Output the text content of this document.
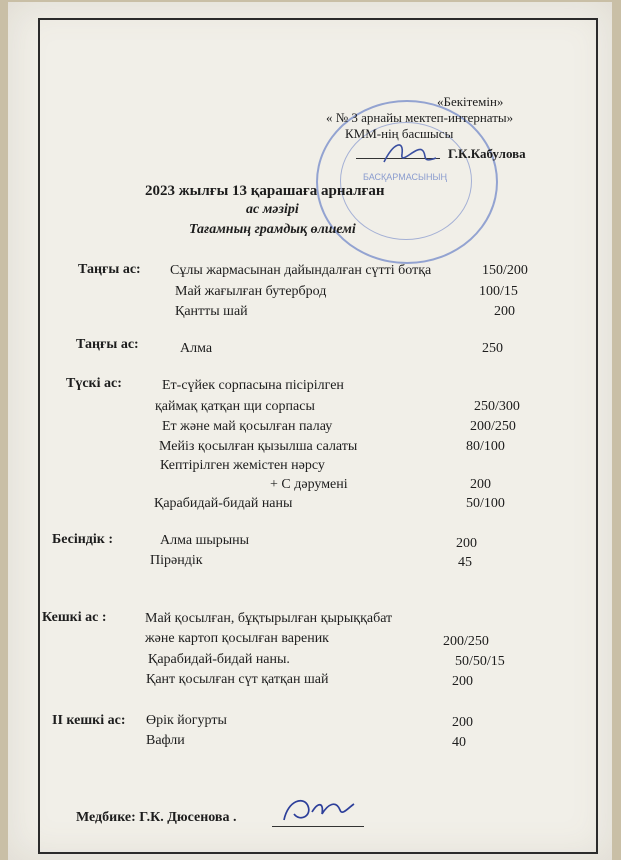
БАСҚАРМАСЫНЫҢ
«Бекітемін»
« № 3 арнайы мектеп-интернаты»
КММ-нің басшысы
Г.К.Кабулова
2023 жылғы 13 қарашаға арналған
ас мәзірі
Тағамның грамдық өлшемі
Таңғы ас: Сұлы жармасынан дайындалған сүтті ботқа	150/200
Май жағылған бутерброд	100/15
Қантты шай	200
Таңғы ас:	Алма	250
Түскі ас:	Ет-сүйек сорпасына пісірілген
қаймақ қатқан щи сорпасы	250/300
Ет және май қосылған палау	200/250
Мейіз қосылған қызылша салаты	80/100
Кептірілген жемістен нәрсу
+ С дәрумені	200
Қарабидай-бидай наны	50/100
Бесіндік :	Алма шырыны	200
Пірәндік	45
Кешкі ас :	Май қосылған, бұқтырылған қырыққабат
және картоп қосылған вареник	200/250
Қарабидай-бидай наны.	50/50/15
Қант қосылған сүт қатқан шай	200
ІІ кешкі ас: Өрік йогурты	200
Вафли	40
Медбике: Г.К. Дюсенова .
